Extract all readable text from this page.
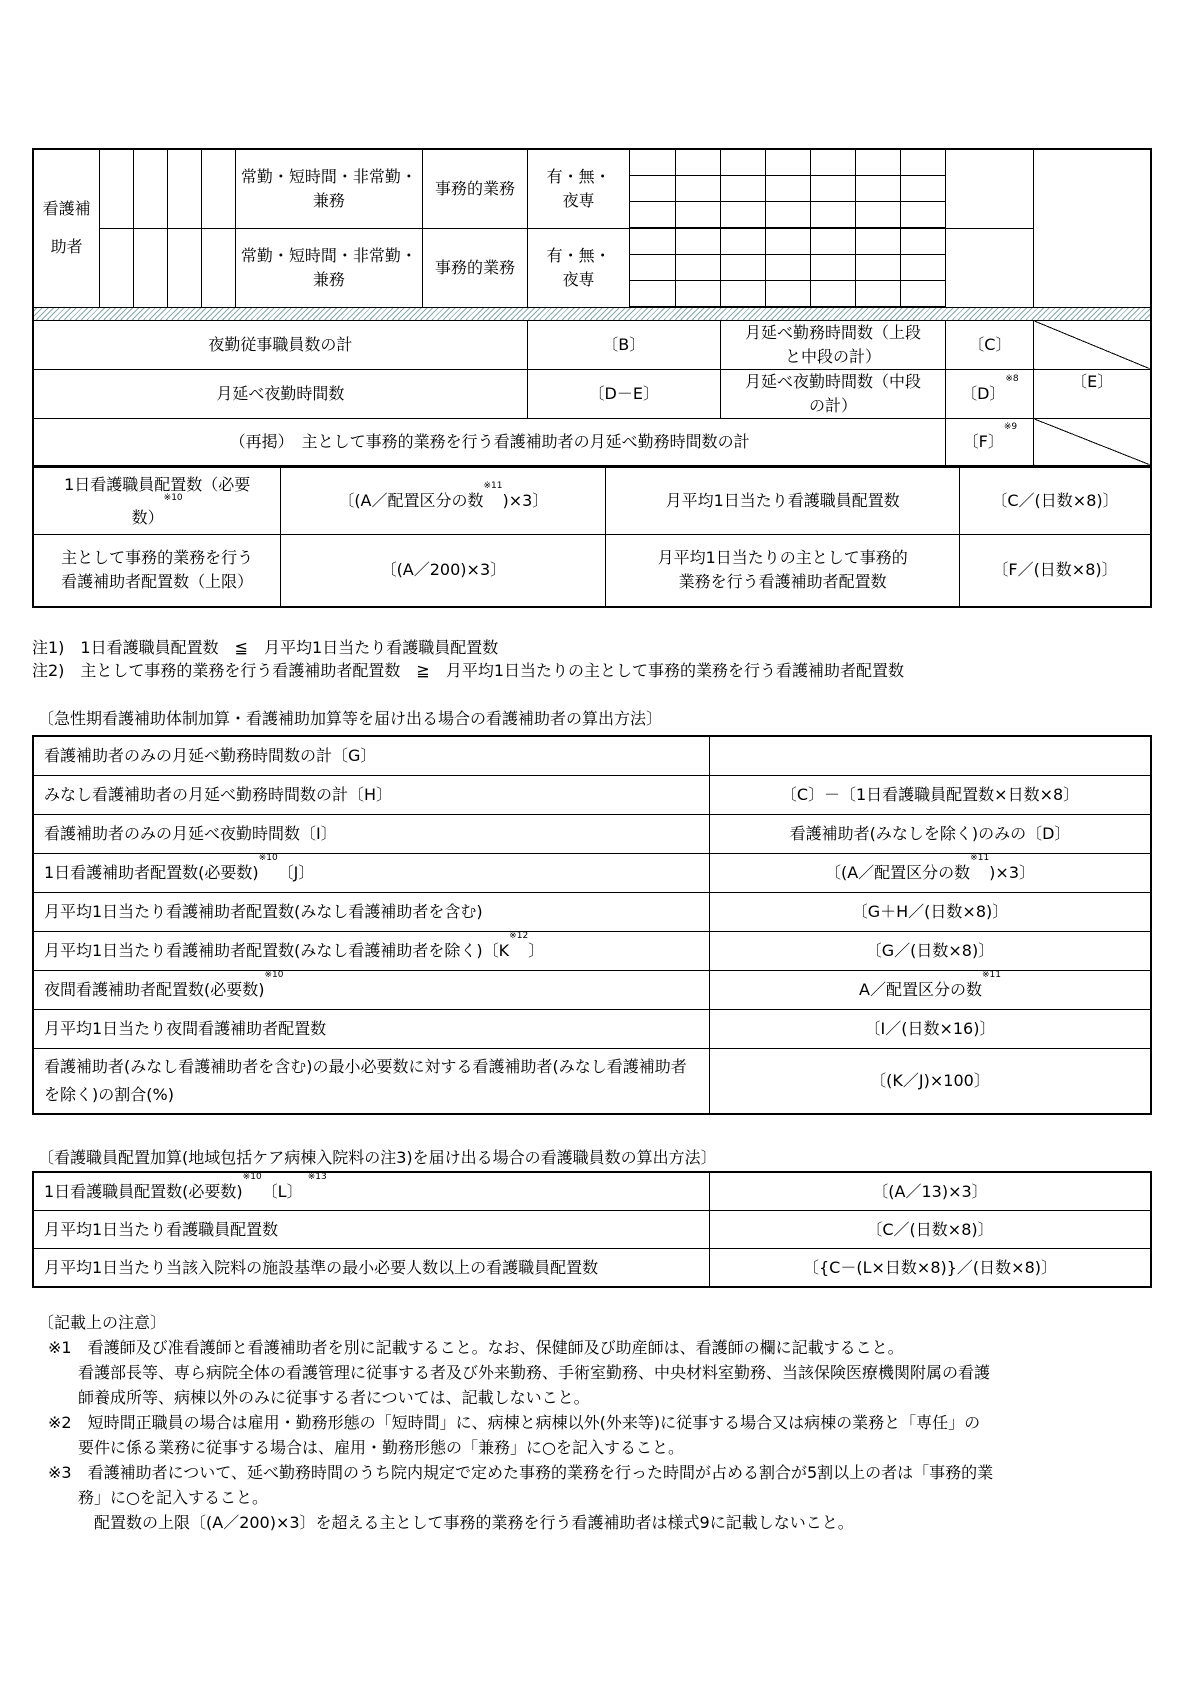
看護補
助者					常勤・短時間・非常勤・兼務	事務的業務	有・無・夜専									

					常勤・短時間・非常勤・兼務	事務的業務	有・無・夜専									

夜勤従事職員数の計							〔B〕			月延べ勤務時間数（上段と中段の計）					〔C〕	
月延べ夜勤時間数							〔D－E〕			月延べ夜勤時間数（中段の計）					〔D〕$^{※8}$	〔E〕
（再掲）　主として事務的業務を行う看護補助者の月延べ勤務時間数の計															〔F〕$^{※9}$	
1日看護職員配置数（必要数）$^{※10}$	〔(A／配置区分の数$^{※11}$)×3〕	月平均1日当たり看護職員配置数	〔C／(日数×8)〕

主として事務的業務を行う看護補助者配置数（上限）	〔(A／200)×3〕	月平均1日当たりの主として事務的業務を行う看護補助者配置数	〔F／(日数×8)〕
注1)　1日看護職員配置数　≦　月平均1日当たり看護職員配置数
注2)　主として事務的業務を行う看護補助者配置数　≧　月平均1日当たりの主として事務的業務を行う看護補助者配置数
〔急性期看護補助体制加算・看護補助加算等を届け出る場合の看護補助者の算出方法〕
看護補助者のみの月延べ勤務時間数の計〔G〕	
みなし看護補助者の月延べ勤務時間数の計〔H〕	〔C〕－〔1日看護職員配置数×日数×8〕
看護補助者のみの月延べ夜勤時間数〔I〕	看護補助者(みなしを除く)のみの〔D〕
1日看護補助者配置数(必要数)$^{※10}$〔J〕	〔(A／配置区分の数$^{※11}$)×3〕
月平均1日当たり看護補助者配置数(みなし看護補助者を含む)	〔G＋H／(日数×8)〕
月平均1日当たり看護補助者配置数(みなし看護補助者を除く)〔$K^{※12}$〕	〔G／(日数×8)〕
夜間看護補助者配置数(必要数)$^{※10}$	A／配置区分の数$^{※11}$
月平均1日当たり夜間看護補助者配置数	〔I／(日数×16)〕
看護補助者(みなし看護補助者を含む)の最小必要数に対する看護補助者(みなし看護補助者を除く)の割合(%)	〔(K／J)×100〕
〔看護職員配置加算(地域包括ケア病棟入院料の注3)を届け出る場合の看護職員数の算出方法〕
1日看護職員配置数(必要数)$^{※10}$〔L〕 $^{※13}$	〔(A／13)×3〕
月平均1日当たり看護職員配置数	〔C／(日数×8)〕
月平均1日当たり当該入院料の施設基準の最小必要人数以上の看護職員配置数	〔{C－(L×日数×8)}／(日数×8)〕
〔記載上の注意〕
※1　看護師及び准看護師と看護補助者を別に記載すること。なお、保健師及び助産師は、看護師の欄に記載すること。
看護部長等、専ら病院全体の看護管理に従事する者及び外来勤務、手術室勤務、中央材料室勤務、当該保険医療機関附属の看護
師養成所等、病棟以外のみに従事する者については、記載しないこと。
※2　短時間正職員の場合は雇用・勤務形態の「短時間」に、病棟と病棟以外(外来等)に従事する場合又は病棟の業務と「専任」の
要件に係る業務に従事する場合は、雇用・勤務形態の「兼務」に○を記入すること。
※3　看護補助者について、延べ勤務時間のうち院内規定で定めた事務的業務を行った時間が占める割合が5割以上の者は「事務的業
務」に○を記入すること。
配置数の上限〔(A／200)×3〕を超える主として事務的業務を行う看護補助者は様式9に記載しないこと。
